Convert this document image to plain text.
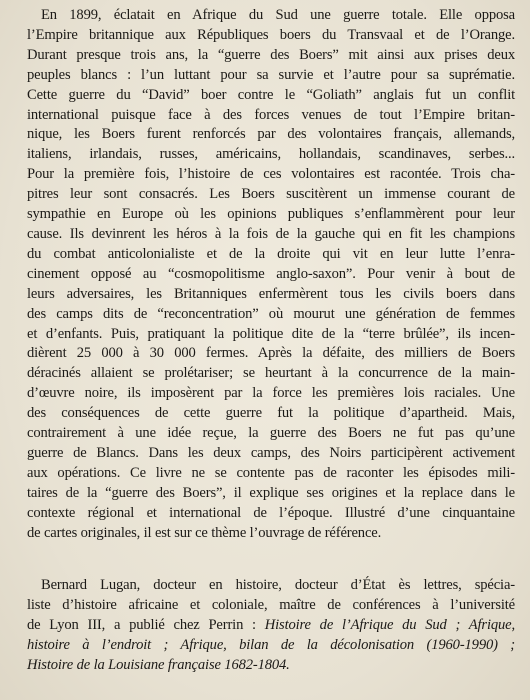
En 1899, éclatait en Afrique du Sud une guerre totale. Elle opposa
l’Empire britannique aux Républiques boers du Transvaal et de l’Orange.
Durant presque trois ans, la “guerre des Boers” mit ainsi aux prises deux
peuples blancs : l’un luttant pour sa survie et l’autre pour sa suprématie.
Cette guerre du “David” boer contre le “Goliath” anglais fut un conflit
international puisque face à des forces venues de tout l’Empire britan-
nique, les Boers furent renforcés par des volontaires français, allemands,
italiens, irlandais, russes, américains, hollandais, scandinaves, serbes...
Pour la première fois, l’histoire de ces volontaires est racontée. Trois cha-
pitres leur sont consacrés. Les Boers suscitèrent un immense courant de
sympathie en Europe où les opinions publiques s’enflammèrent pour leur
cause. Ils devinrent les héros à la fois de la gauche qui en fit les champions
du combat anticolonialiste et de la droite qui vit en leur lutte l’enra-
cinement opposé au “cosmopolitisme anglo-saxon”. Pour venir à bout de
leurs adversaires, les Britanniques enfermèrent tous les civils boers dans
des camps dits de “reconcentration” où mourut une génération de femmes
et d’enfants. Puis, pratiquant la politique dite de la “terre brûlée”, ils incen-
dièrent 25 000 à 30 000 fermes. Après la défaite, des milliers de Boers
déracinés allaient se prolétariser; se heurtant à la concurrence de la main-
d’œuvre noire, ils imposèrent par la force les premières lois raciales. Une
des conséquences de cette guerre fut la politique d’apartheid. Mais,
contrairement à une idée reçue, la guerre des Boers ne fut pas qu’une
guerre de Blancs. Dans les deux camps, des Noirs participèrent activement
aux opérations. Ce livre ne se contente pas de raconter les épisodes mili-
taires de la “guerre des Boers”, il explique ses origines et la replace dans le
contexte régional et international de l’époque. Illustré d’une cinquantaine
de cartes originales, il est sur ce thème l’ouvrage de référence.
Bernard Lugan, docteur en histoire, docteur d’État ès lettres, spécia-
liste d’histoire africaine et coloniale, maître de conférences à l’université
de Lyon III, a publié chez Perrin : Histoire de l’Afrique du Sud ; Afrique,
histoire à l’endroit ; Afrique, bilan de la décolonisation (1960-1990) ;
Histoire de la Louisiane française 1682-1804.
